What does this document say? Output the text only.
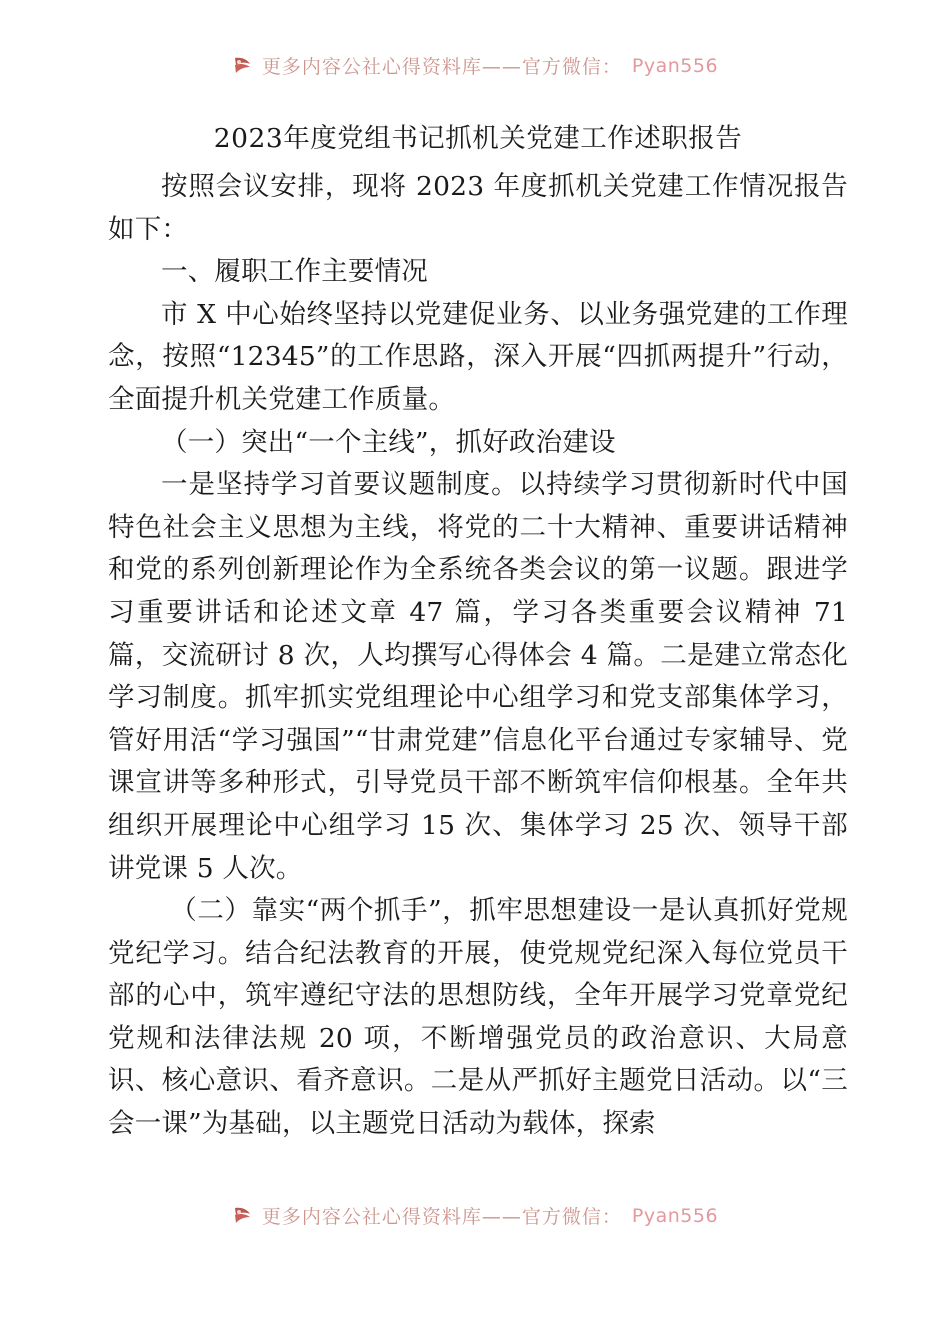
更多内容公社心得资料库——官方微信： Pyan556
2023年度党组书记抓机关党建工作述职报告

按照会议安排，现将 2023 年度抓机关党建工作情况报告如下：

一、履职工作主要情况

市 X 中心始终坚持以党建促业务、以业务强党建的工作理念，按照“12345”的工作思路，深入开展“四抓两提升”行动，全面提升机关党建工作质量。

（一）突出“一个主线”，抓好政治建设

一是坚持学习首要议题制度。以持续学习贯彻新时代中国特色社会主义思想为主线，将党的二十大精神、重要讲话精神和党的系列创新理论作为全系统各类会议的第一议题。跟进学习重要讲话和论述文章 47 篇，学习各类重要会议精神 71 篇，交流研讨 8 次，人均撰写心得体会 4 篇。二是建立常态化学习制度。抓牢抓实党组理论中心组学习和党支部集体学习，管好用活“学习强国”“甘肃党建”信息化平台通过专家辅导、党课宣讲等多种形式，引导党员干部不断筑牢信仰根基。全年共组织开展理论中心组学习 15 次、集体学习 25 次、领导干部讲党课 5 人次。

（二）靠实“两个抓手”，抓牢思想建设一是认真抓好党规党纪学习。结合纪法教育的开展，使党规党纪深入每位党员干部的心中，筑牢遵纪守法的思想防线，全年开展学习党章党纪党规和法律法规 20 项，不断增强党员的政治意识、大局意识、核心意识、看齐意识。二是从严抓好主题党日活动。以“三会一课”为基础，以主题党日活动为载体，探索

更多内容公社心得资料库——官方微信： Pyan556
